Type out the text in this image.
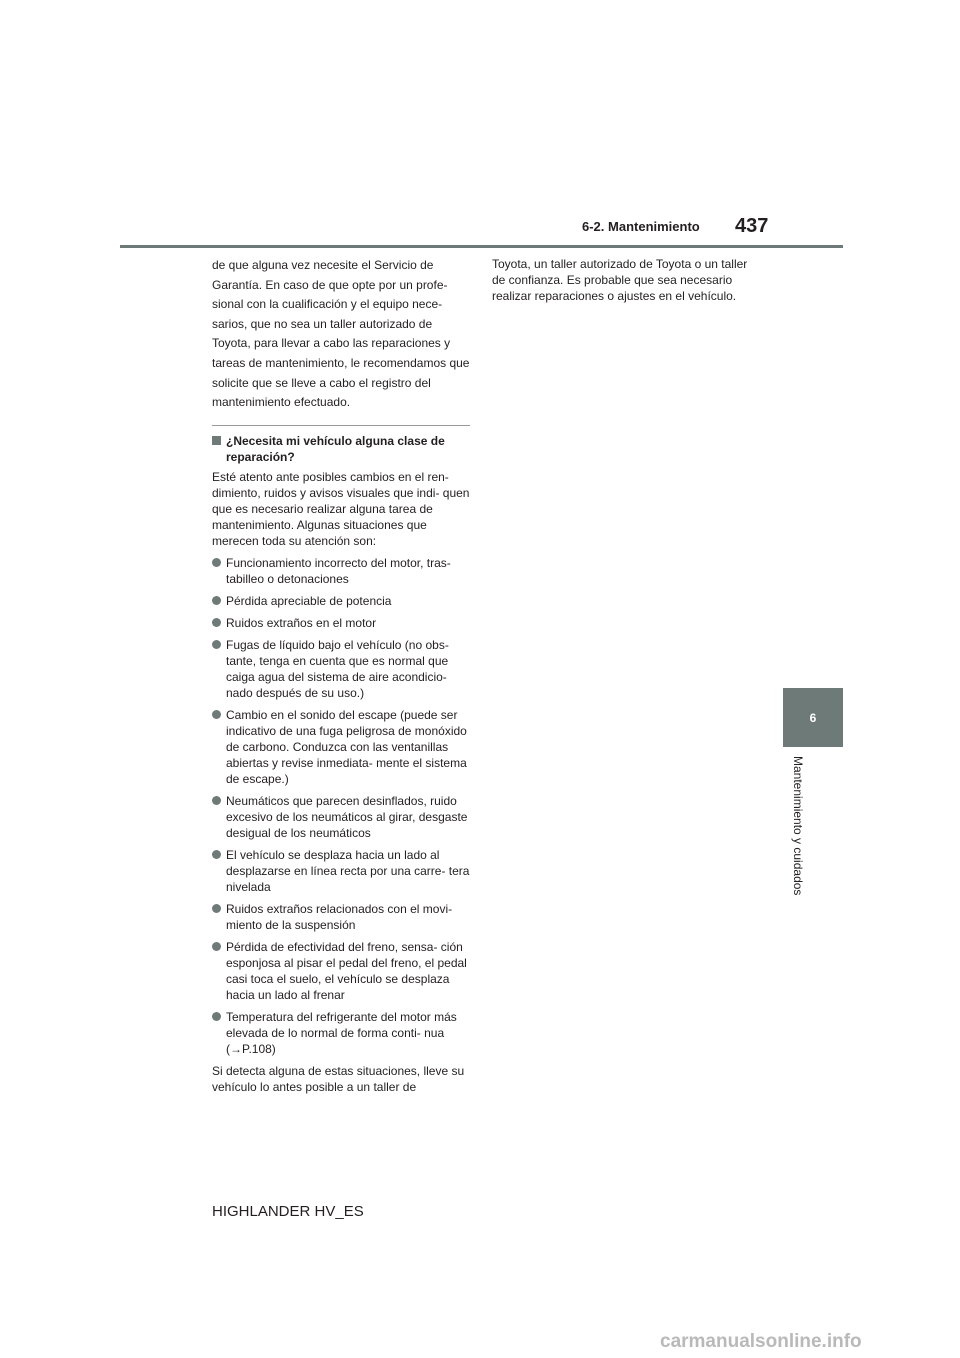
6-2. Mantenimiento 437
6
Mantenimiento y cuidados

de que alguna vez necesite el Servicio de Garantía. En caso de que opte por un profe- sional con la cualificación y el equipo nece- sarios, que no sea un taller autorizado de Toyota, para llevar a cabo las reparaciones y tareas de mantenimiento, le recomendamos que solicite que se lleve a cabo el registro del mantenimiento efectuado.

¿Necesita mi vehículo alguna clase de reparación?

Esté atento ante posibles cambios en el ren- dimiento, ruidos y avisos visuales que indi- quen que es necesario realizar alguna tarea de mantenimiento. Algunas situaciones que merecen toda su atención son:

Funcionamiento incorrecto del motor, tras- tabilleo o detonaciones
Pérdida apreciable de potencia
Ruidos extraños en el motor
Fugas de líquido bajo el vehículo (no obs- tante, tenga en cuenta que es normal que caiga agua del sistema de aire acondicio- nado después de su uso.)
Cambio en el sonido del escape (puede ser indicativo de una fuga peligrosa de monóxido de carbono. Conduzca con las ventanillas abiertas y revise inmediata- mente el sistema de escape.)
Neumáticos que parecen desinflados, ruido excesivo de los neumáticos al girar, desgaste desigual de los neumáticos
El vehículo se desplaza hacia un lado al desplazarse en línea recta por una carre- tera nivelada
Ruidos extraños relacionados con el movi- miento de la suspensión
Pérdida de efectividad del freno, sensa- ción esponjosa al pisar el pedal del freno, el pedal casi toca el suelo, el vehículo se desplaza hacia un lado al frenar
Temperatura del refrigerante del motor más elevada de lo normal de forma conti- nua (→P.108)

Si detecta alguna de estas situaciones, lleve su vehículo lo antes posible a un taller de

Toyota, un taller autorizado de Toyota o un taller de confianza. Es probable que sea necesario realizar reparaciones o ajustes en el vehículo.

HIGHLANDER HV_ES
carmanualsonline.info
